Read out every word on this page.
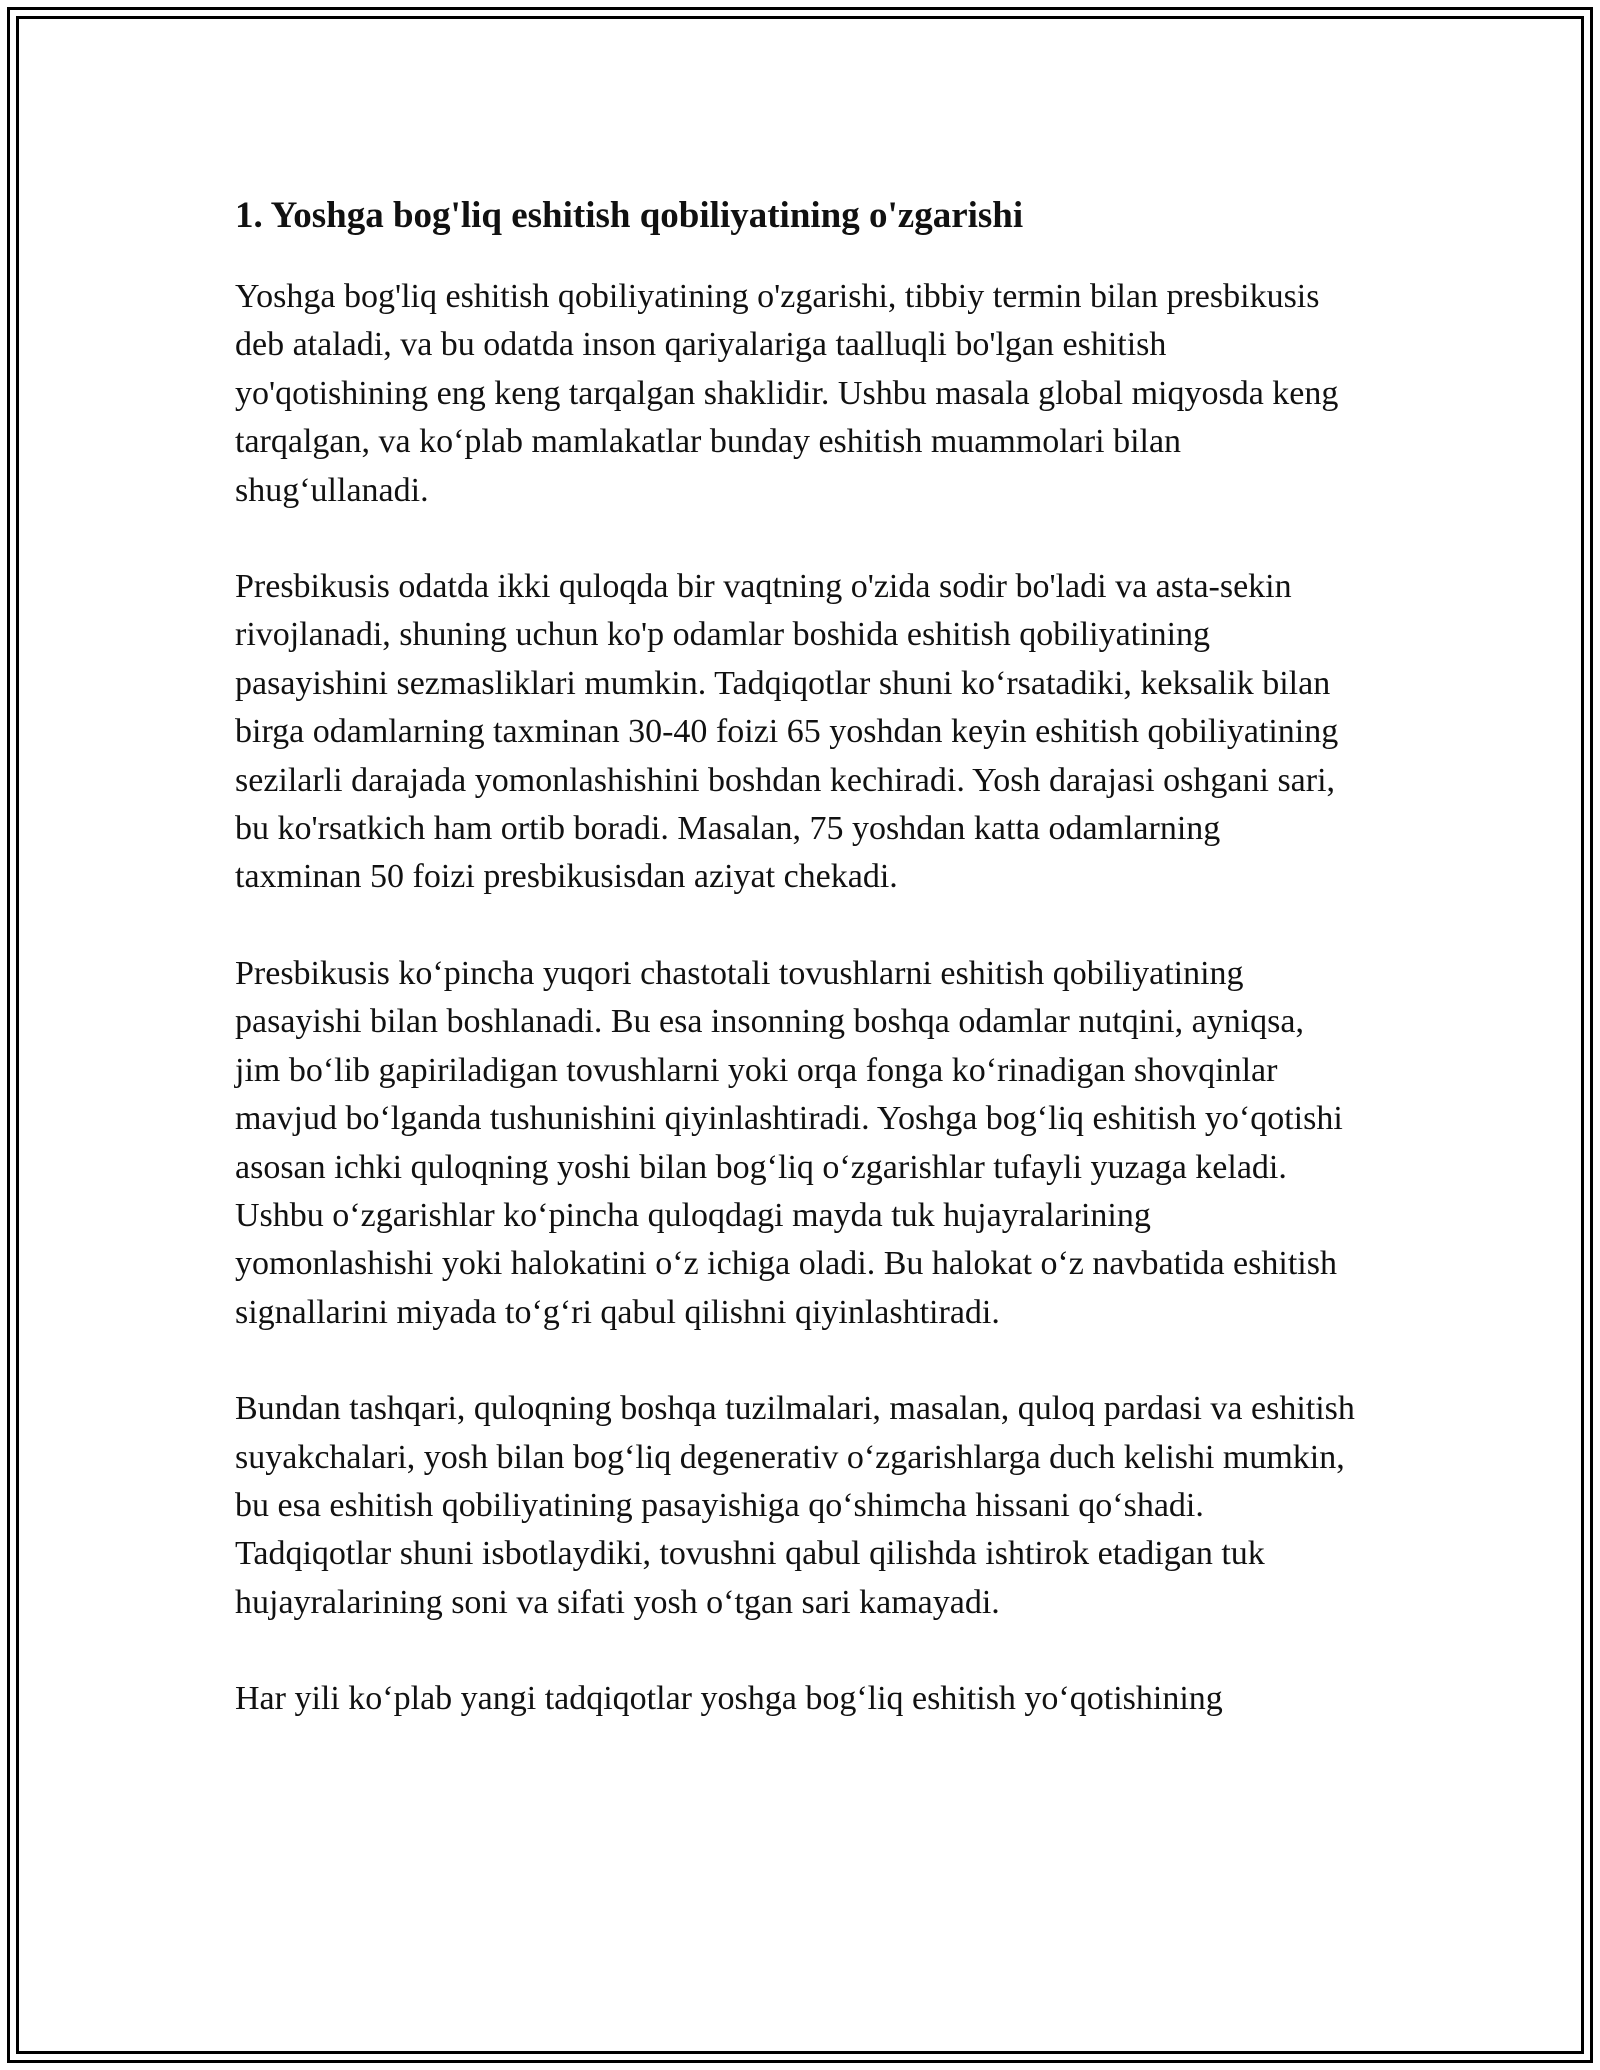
1. Yoshga bog'liq eshitish qobiliyatining o'zgarishi

Yoshga bog'liq eshitish qobiliyatining o'zgarishi, tibbiy termin bilan presbikusis deb ataladi, va bu odatda inson qariyalariga taalluqli bo'lgan eshitish yo'qotishining eng keng tarqalgan shaklidir. Ushbu masala global miqyosda keng tarqalgan, va ko‘plab mamlakatlar bunday eshitish muammolari bilan shug‘ullanadi.

Presbikusis odatda ikki quloqda bir vaqtning o'zida sodir bo'ladi va asta-sekin rivojlanadi, shuning uchun ko'p odamlar boshida eshitish qobiliyatining pasayishini sezmasliklari mumkin. Tadqiqotlar shuni ko‘rsatadiki, keksalik bilan birga odamlarning taxminan 30-40 foizi 65 yoshdan keyin eshitish qobiliyatining sezilarli darajada yomonlashishini boshdan kechiradi. Yosh darajasi oshgani sari, bu ko'rsatkich ham ortib boradi. Masalan, 75 yoshdan katta odamlarning taxminan 50 foizi presbikusisdan aziyat chekadi.

Presbikusis ko‘pincha yuqori chastotali tovushlarni eshitish qobiliyatining pasayishi bilan boshlanadi. Bu esa insonning boshqa odamlar nutqini, ayniqsa, jim bo‘lib gapiriladigan tovushlarni yoki orqa fonga ko‘rinadigan shovqinlar mavjud bo‘lganda tushunishini qiyinlashtiradi. Yoshga bog‘liq eshitish yo‘qotishi asosan ichki quloqning yoshi bilan bog‘liq o‘zgarishlar tufayli yuzaga keladi. Ushbu o‘zgarishlar ko‘pincha quloqdagi mayda tuk hujayralarining yomonlashishi yoki halokatini o‘z ichiga oladi. Bu halokat o‘z navbatida eshitish signallarini miyada to‘g‘ri qabul qilishni qiyinlashtiradi.

Bundan tashqari, quloqning boshqa tuzilmalari, masalan, quloq pardasi va eshitish suyakchalari, yosh bilan bog‘liq degenerativ o‘zgarishlarga duch kelishi mumkin, bu esa eshitish qobiliyatining pasayishiga qo‘shimcha hissani qo‘shadi. Tadqiqotlar shuni isbotlaydiki, tovushni qabul qilishda ishtirok etadigan tuk hujayralarining soni va sifati yosh o‘tgan sari kamayadi.

Har yili ko‘plab yangi tadqiqotlar yoshga bog‘liq eshitish yo‘qotishining
